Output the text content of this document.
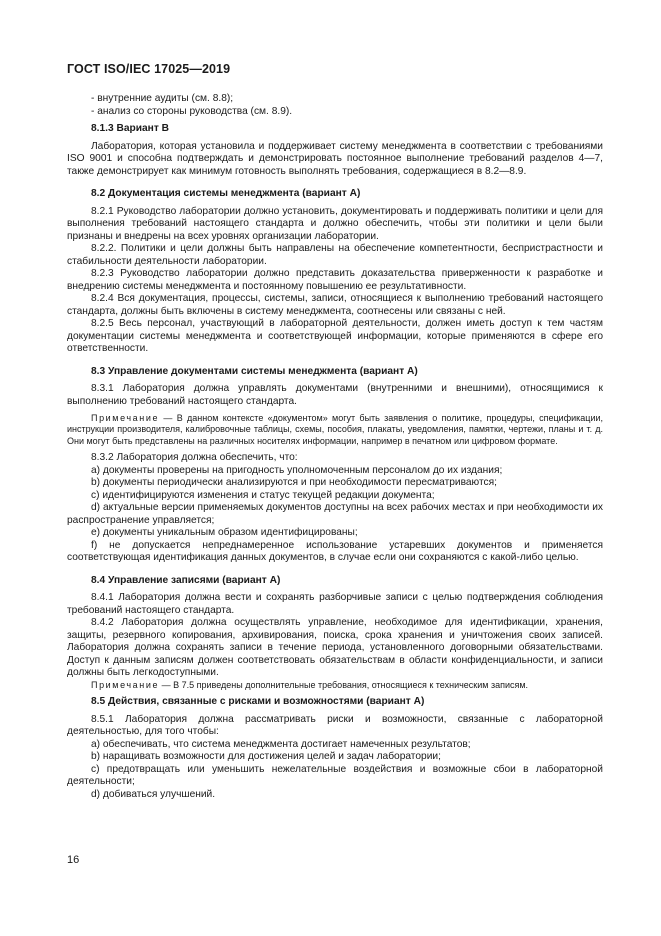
ГОСТ ISO/IEC 17025—2019

- внутренние аудиты (см. 8.8);

- анализ со стороны руководства (см. 8.9).

8.1.3 Вариант В

Лаборатория, которая установила и поддерживает систему менеджмента в соответствии с требованиями ISO 9001 и способна подтверждать и демонстрировать постоянное выполнение требований разделов 4—7, также демонстрирует как минимум готовность выполнять требования, содержащиеся в 8.2—8.9.

8.2 Документация системы менеджмента (вариант А)

8.2.1 Руководство лаборатории должно установить, документировать и поддерживать политики и цели для выполнения требований настоящего стандарта и должно обеспечить, чтобы эти политики и цели были признаны и внедрены на всех уровнях организации лаборатории.

8.2.2. Политики и цели должны быть направлены на обеспечение компетентности, беспристрастности и стабильности деятельности лаборатории.

8.2.3 Руководство лаборатории должно представить доказательства приверженности к разработке и внедрению системы менеджмента и постоянному повышению ее результативности.

8.2.4 Вся документация, процессы, системы, записи, относящиеся к выполнению требований настоящего стандарта, должны быть включены в систему менеджмента, соотнесены или связаны с ней.

8.2.5 Весь персонал, участвующий в лабораторной деятельности, должен иметь доступ к тем частям документации системы менеджмента и соответствующей информации, которые применяются в сфере его ответственности.

8.3 Управление документами системы менеджмента (вариант А)

8.3.1 Лаборатория должна управлять документами (внутренними и внешними), относящимися к выполнению требований настоящего стандарта.

Примечание — В данном контексте «документом» могут быть заявления о политике, процедуры, спецификации, инструкции производителя, калибровочные таблицы, схемы, пособия, плакаты, уведомления, памятки, чертежи, планы и т. д. Они могут быть представлены на различных носителях информации, например в печатном или цифровом формате.

8.3.2 Лаборатория должна обеспечить, что:

а) документы проверены на пригодность уполномоченным персоналом до их издания;

b) документы периодически анализируются и при необходимости пересматриваются;

с) идентифицируются изменения и статус текущей редакции документа;

d) актуальные версии применяемых документов доступны на всех рабочих местах и при необходимости их распространение управляется;

е) документы уникальным образом идентифицированы;

f) не допускается непреднамеренное использование устаревших документов и применяется соответствующая идентификация данных документов, в случае если они сохраняются с какой-либо целью.

8.4 Управление записями (вариант А)

8.4.1 Лаборатория должна вести и сохранять разборчивые записи с целью подтверждения соблюдения требований настоящего стандарта.

8.4.2 Лаборатория должна осуществлять управление, необходимое для идентификации, хранения, защиты, резервного копирования, архивирования, поиска, срока хранения и уничтожения своих записей. Лаборатория должна сохранять записи в течение периода, установленного договорными обязательствами. Доступ к данным записям должен соответствовать обязательствам в области конфиденциальности, и записи должны быть легкодоступными.

Примечание — В 7.5 приведены дополнительные требования, относящиеся к техническим записям.

8.5 Действия, связанные с рисками и возможностями (вариант А)

8.5.1 Лаборатория должна рассматривать риски и возможности, связанные с лабораторной деятельностью, для того чтобы:

а) обеспечивать, что система менеджмента достигает намеченных результатов;

b) наращивать возможности для достижения целей и задач лаборатории;

с) предотвращать или уменьшить нежелательные воздействия и возможные сбои в лабораторной деятельности;

d) добиваться улучшений.

16
